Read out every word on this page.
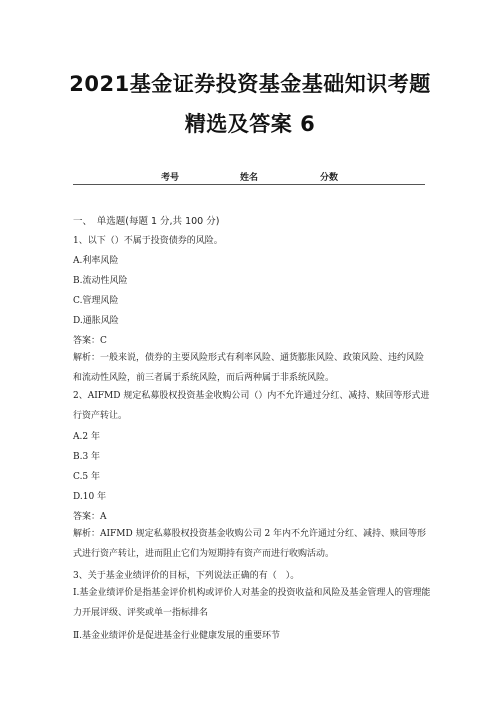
2021基金证券投资基金基础知识考题
精选及答案 6
考号	姓名	分数
一、　单选题(每题 1 分,共 100 分)
1、以下（）不属于投资债券的风险。
A.利率风险
B.流动性风险
C.管理风险
D.通胀风险
答案：C
解析：一般来说，债券的主要风险形式有利率风险、通货膨胀风险、政策风险、违约风险和流动性风险，前三者属于系统风险，而后两种属于非系统风险。
2、AIFMD 规定私募股权投资基金收购公司（）内不允许通过分红、减持、赎回等形式进行资产转让。
A.2 年
B.3 年
C.5 年
D.10 年
答案：A
解析：AIFMD 规定私募股权投资基金收购公司 2 年内不允许通过分红、减持、赎回等形式进行资产转让，进而阻止它们为短期持有资产而进行收购活动。
3、关于基金业绩评价的目标，下列说法正确的有（　）。
Ⅰ.基金业绩评价是指基金评价机构或评价人对基金的投资收益和风险及基金管理人的管理能力开展评级、评奖或单一指标排名
Ⅱ.基金业绩评价是促进基金行业健康发展的重要环节
